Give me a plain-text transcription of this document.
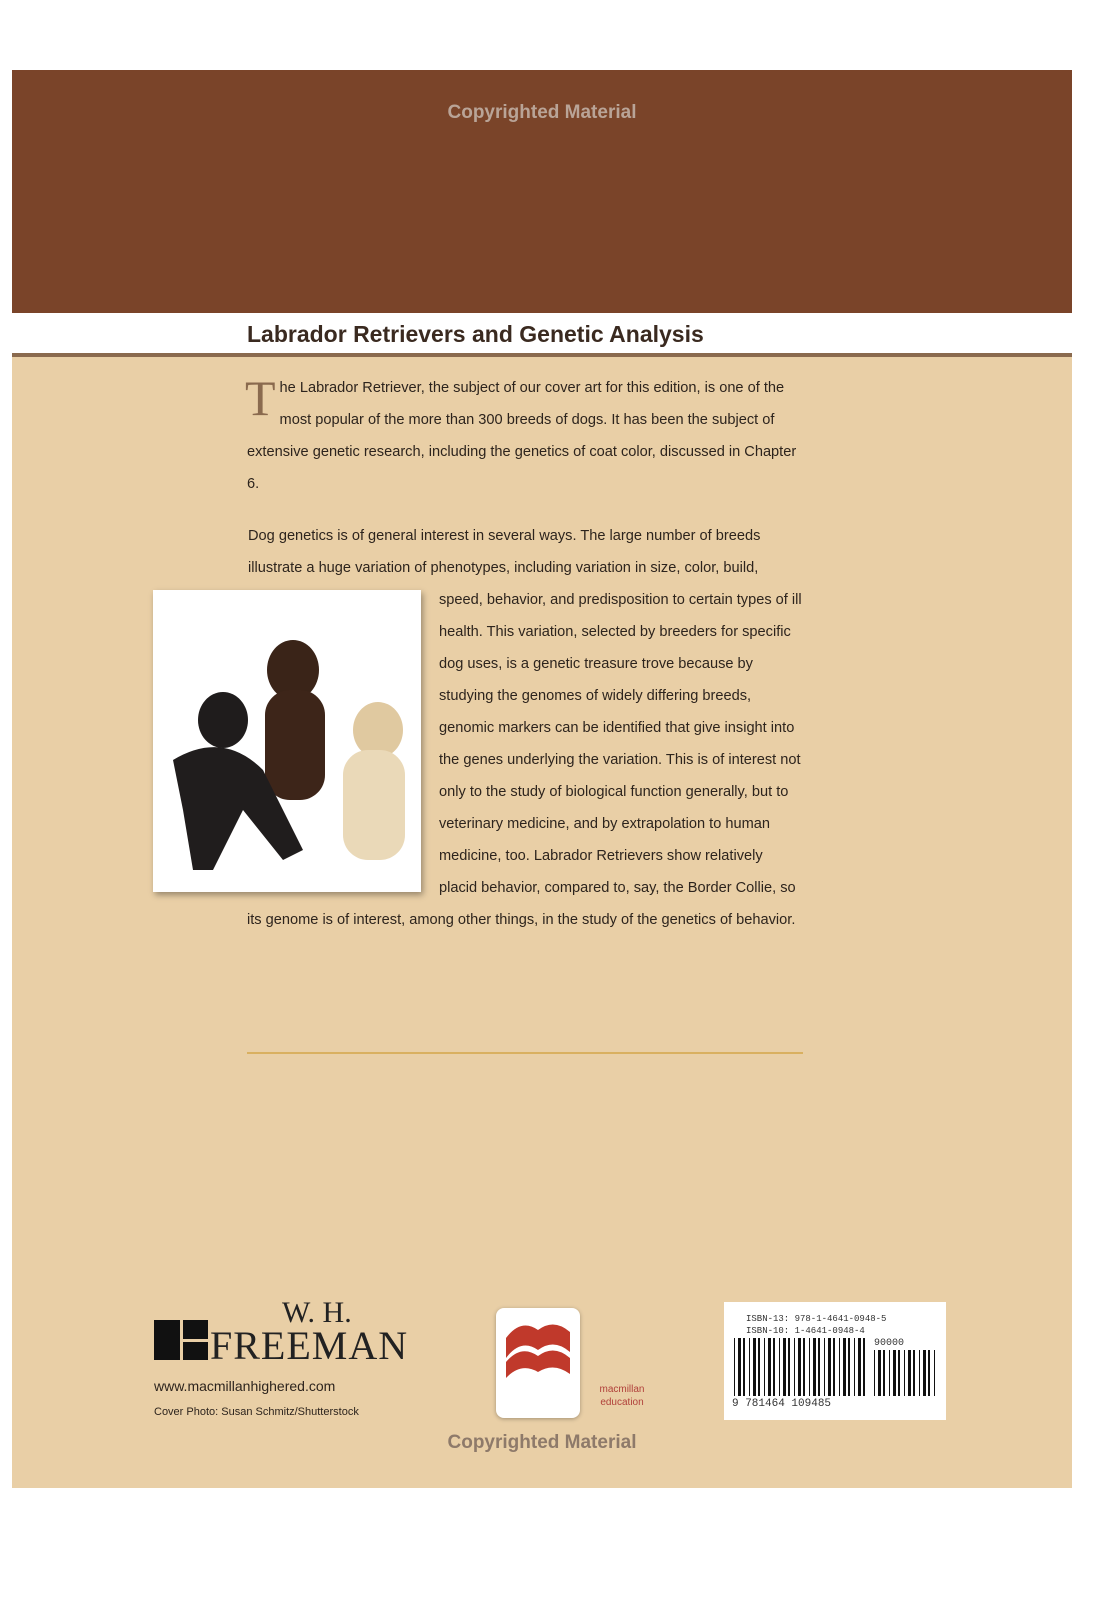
Copyrighted Material
Labrador Retrievers and Genetic Analysis
The Labrador Retriever, the subject of our cover art for this edition, is one of the most popular of the more than 300 breeds of dogs. It has been the subject of extensive genetic research, including the genetics of coat color, discussed in Chapter 6.
Dog genetics is of general interest in several ways. The large number of breeds illustrate a huge variation of phenotypes, including variation in size, color, build, speed, behavior, and predisposition to certain types of ill health. This variation, selected by breeders for specific dog uses, is a genetic treasure trove because by studying the genomes of widely differing breeds, genomic markers can be identified that give insight into the genes underlying the variation. This is of interest not only to the study of biological function generally, but to veterinary medicine, and by extrapolation to human medicine, too. Labrador Retrievers show relatively placid behavior, compared to, say, the Border Collie, so its genome is of interest, among other things, in the study of the genetics of behavior.
W. H.
FREEMAN
www.macmillanhighered.com
Cover Photo: Susan Schmitz/Shutterstock
macmillan
education
Copyrighted Material
ISBN-13: 978-1-4641-0948-5
ISBN-10: 1-4641-0948-4
90000
9 781464 109485
